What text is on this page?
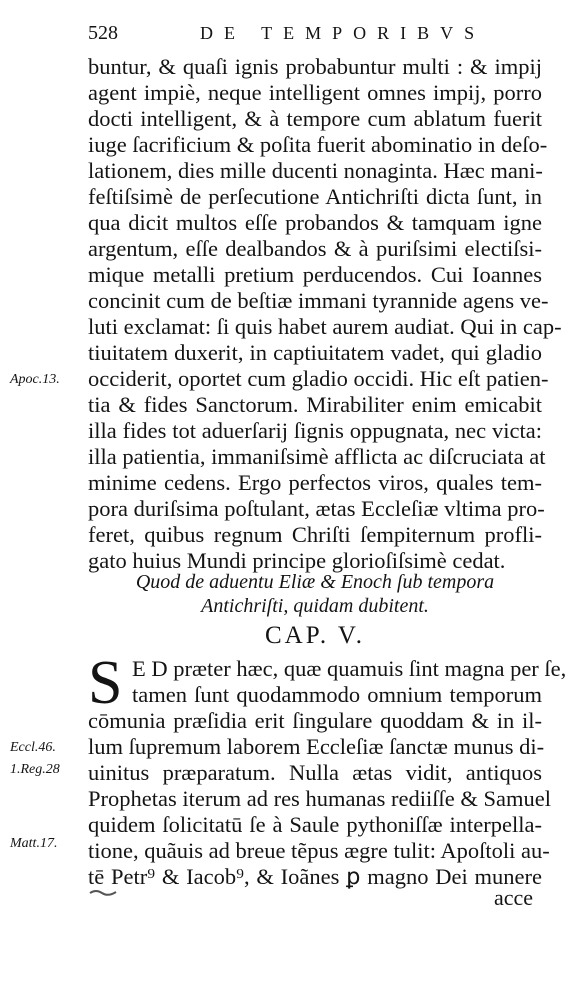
528	DE TEMPORIBVS
buntur, & quaſi ignis probabuntur multi : & impij
agent impiè, neque intelligent omnes impij, porro
docti intelligent, & à tempore cum ablatum fuerit
iuge ſacrificium & poſita fuerit abominatio in deſo-
lationem, dies mille ducenti nonaginta. Hæc mani-
feſtiſsimè de perſecutione Antichriſti dicta ſunt, in
qua dicit multos eſſe probandos & tamquam igne
argentum, eſſe dealbandos & à puriſsimi electiſsi-
mique metalli pretium perducendos. Cui Ioannes
concinit cum de beſtiæ immani tyrannide agens ve-
luti exclamat: ſi quis habet aurem audiat. Qui in cap-
tiuitatem duxerit, in captiuitatem vadet, qui gladio
occiderit, oportet cum gladio occidi. Hic eſt patien-
tia & fides Sanctorum. Mirabiliter enim emicabit
illa fides tot aduerſarij ſignis oppugnata, nec victa:
illa patientia, immaniſsimè afflicta ac diſcruciata at
minime cedens. Ergo perfectos viros, quales tem-
pora duriſsima poſtulant, ætas Eccleſiæ vltima pro-
feret, quibus regnum Chriſti ſempiternum profli-
gato huius Mundi principe glorioſiſsimè cedat.
Apoc.13.
Quod de aduentu Eliæ & Enoch ſub tempora
Antichriſti, quidam dubitent.
CAP. V.
S E D præter hæc, quæ quamuis ſint magna per ſe,
tamen ſunt quodammodo omnium temporum
cōmunia præſidia erit ſingulare quoddam & in il-
lum ſupremum laborem Eccleſiæ ſanctæ munus di-
uinitus præparatum. Nulla ætas vidit, antiquos
Prophetas iterum ad res humanas rediiſſe & Samuel
quidem ſolicitatū ſe à Saule pythoniſſæ interpella-
tione, quãuis ad breue tẽpus ægre tulit: Apoſtoli au-
tē Petr⁹ & Iacob⁹, & Ioãnes ꝑ magno Dei munere
Eccl.46.
1.Reg.28
Matt.17.
acce
